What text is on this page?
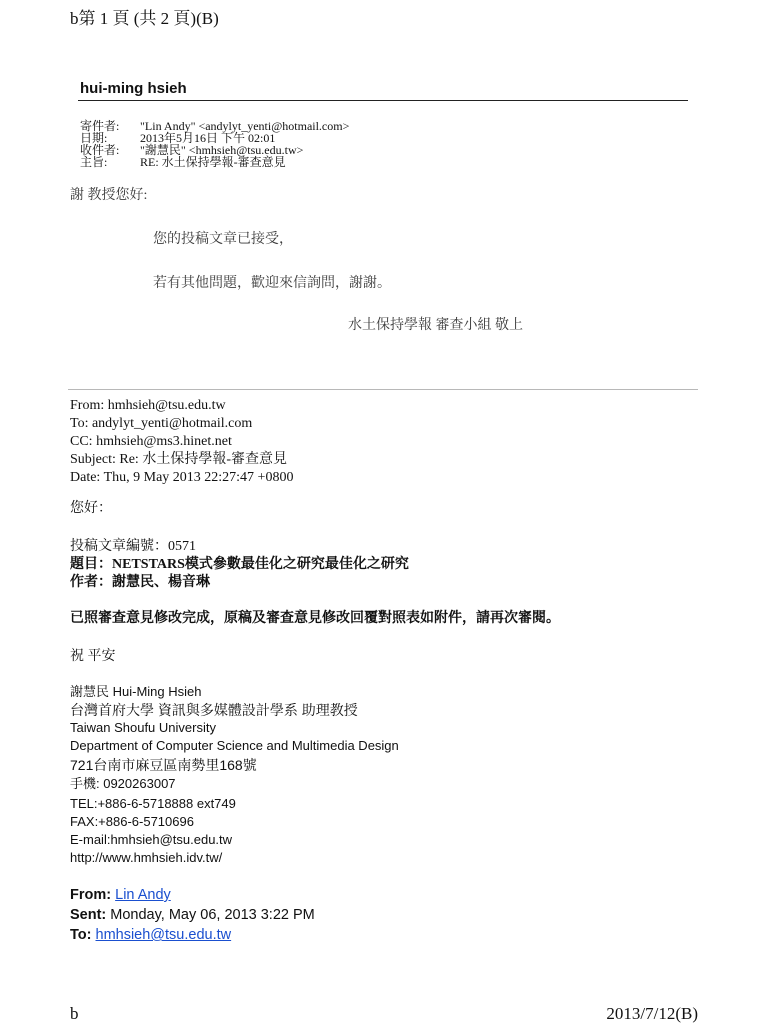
b第 1 頁 (共 2 頁)(B)
hui-ming hsieh
寄件者: "Lin Andy" <andylyt_yenti@hotmail.com>
日期:	2013年5月16日 下午 02:01
收件者: "謝慧民" <hmhsieh@tsu.edu.tw>
主旨:	RE: 水土保持學報-審查意見
謝 教授您好:
您的投稿文章已接受，
若有其他問題，歡迎來信詢問，謝謝。
水土保持學報 審查小組 敬上
From: hmhsieh@tsu.edu.tw
To: andylyt_yenti@hotmail.com
CC: hmhsieh@ms3.hinet.net
Subject: Re: 水土保持學報-審查意見
Date: Thu, 9 May 2013 22:27:47 +0800
您好：
投稿文章編號：0571
題目：NETSTARS模式參數最佳化之研究最佳化之研究
作者：謝慧民、楊音琳
已照審查意見修改完成，原稿及審查意見修改回覆對照表如附件，請再次審閱。
祝 平安
謝慧民 Hui-Ming Hsieh
台灣首府大學 資訊與多媒體設計學系 助理教授
Taiwan Shoufu University
Department of Computer Science and Multimedia Design
721台南市麻豆區南勢里168號
手機: 0920263007
TEL:+886-6-5718888 ext749
FAX:+886-6-5710696
E-mail:hmhsieh@tsu.edu.tw
http://www.hmhsieh.idv.tw/
From: Lin Andy
Sent: Monday, May 06, 2013 3:22 PM
To: hmhsieh@tsu.edu.tw
b	2013/7/12(B)
